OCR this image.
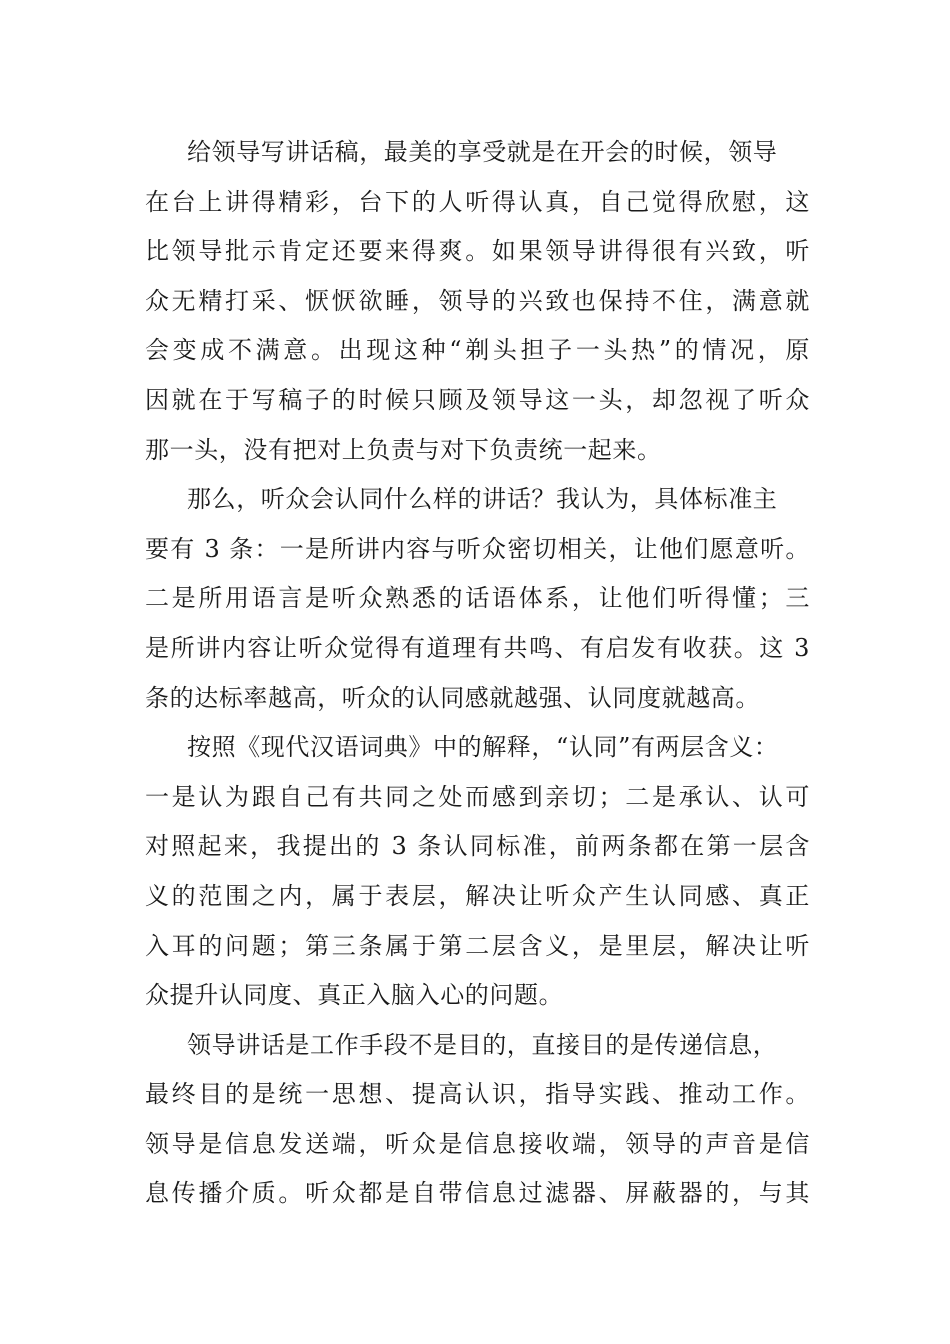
给领导写讲话稿，最美的享受就是在开会的时候，领导
在台上讲得精彩，台下的人听得认真，自己觉得欣慰，这
比领导批示肯定还要来得爽。如果领导讲得很有兴致，听
众无精打采、恹恹欲睡，领导的兴致也保持不住，满意就
会变成不满意。出现这种“剃头担子一头热”的情况，原
因就在于写稿子的时候只顾及领导这一头，却忽视了听众
那一头，没有把对上负责与对下负责统一起来。
那么，听众会认同什么样的讲话？我认为，具体标准主
要有 3 条：一是所讲内容与听众密切相关，让他们愿意听。
二是所用语言是听众熟悉的话语体系，让他们听得懂；三
是所讲内容让听众觉得有道理有共鸣、有启发有收获。这 3
条的达标率越高，听众的认同感就越强、认同度就越高。
按照《现代汉语词典》中的解释，“认同”有两层含义：
一是认为跟自己有共同之处而感到亲切；二是承认、认可
对照起来，我提出的 3 条认同标准，前两条都在第一层含
义的范围之内，属于表层，解决让听众产生认同感、真正
入耳的问题；第三条属于第二层含义，是里层，解决让听
众提升认同度、真正入脑入心的问题。
领导讲话是工作手段不是目的，直接目的是传递信息，
最终目的是统一思想、提高认识，指导实践、推动工作。
领导是信息发送端，听众是信息接收端，领导的声音是信
息传播介质。听众都是自带信息过滤器、屏蔽器的，与其
